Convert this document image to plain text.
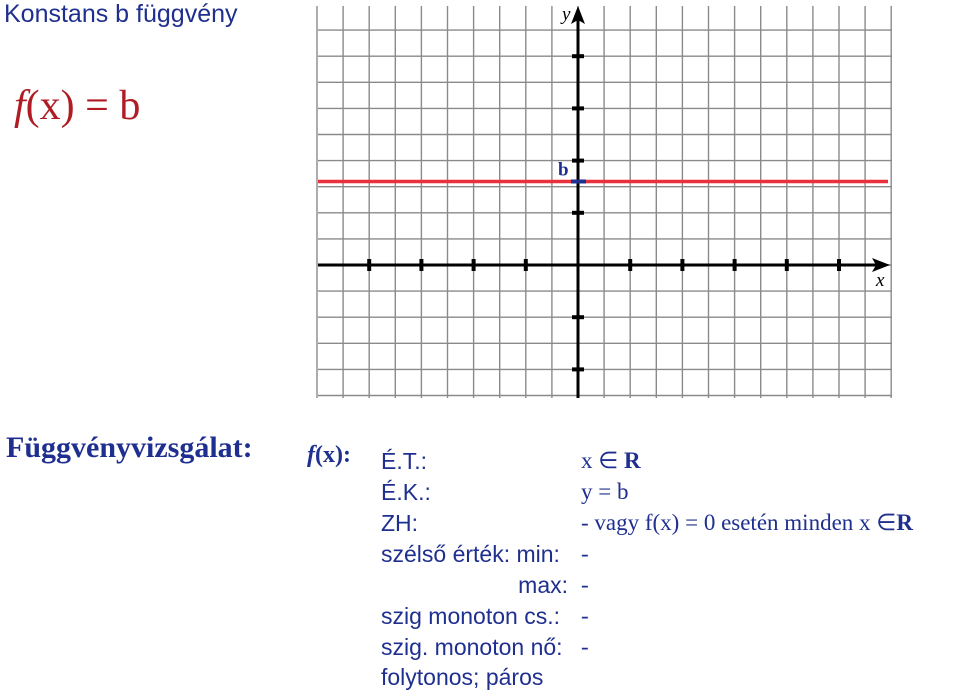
Konstans b függvény
f(x) = b
b
y
x
Függvényvizsgálat: f(x): É.T.:	x ∈ R
É.K.:	y = b
ZH:	- vagy f(x) = 0 esetén minden x ∈R
szélső érték: min: -
max: -
szig monoton cs.: -
szig. monoton nő: -
folytonos; páros
